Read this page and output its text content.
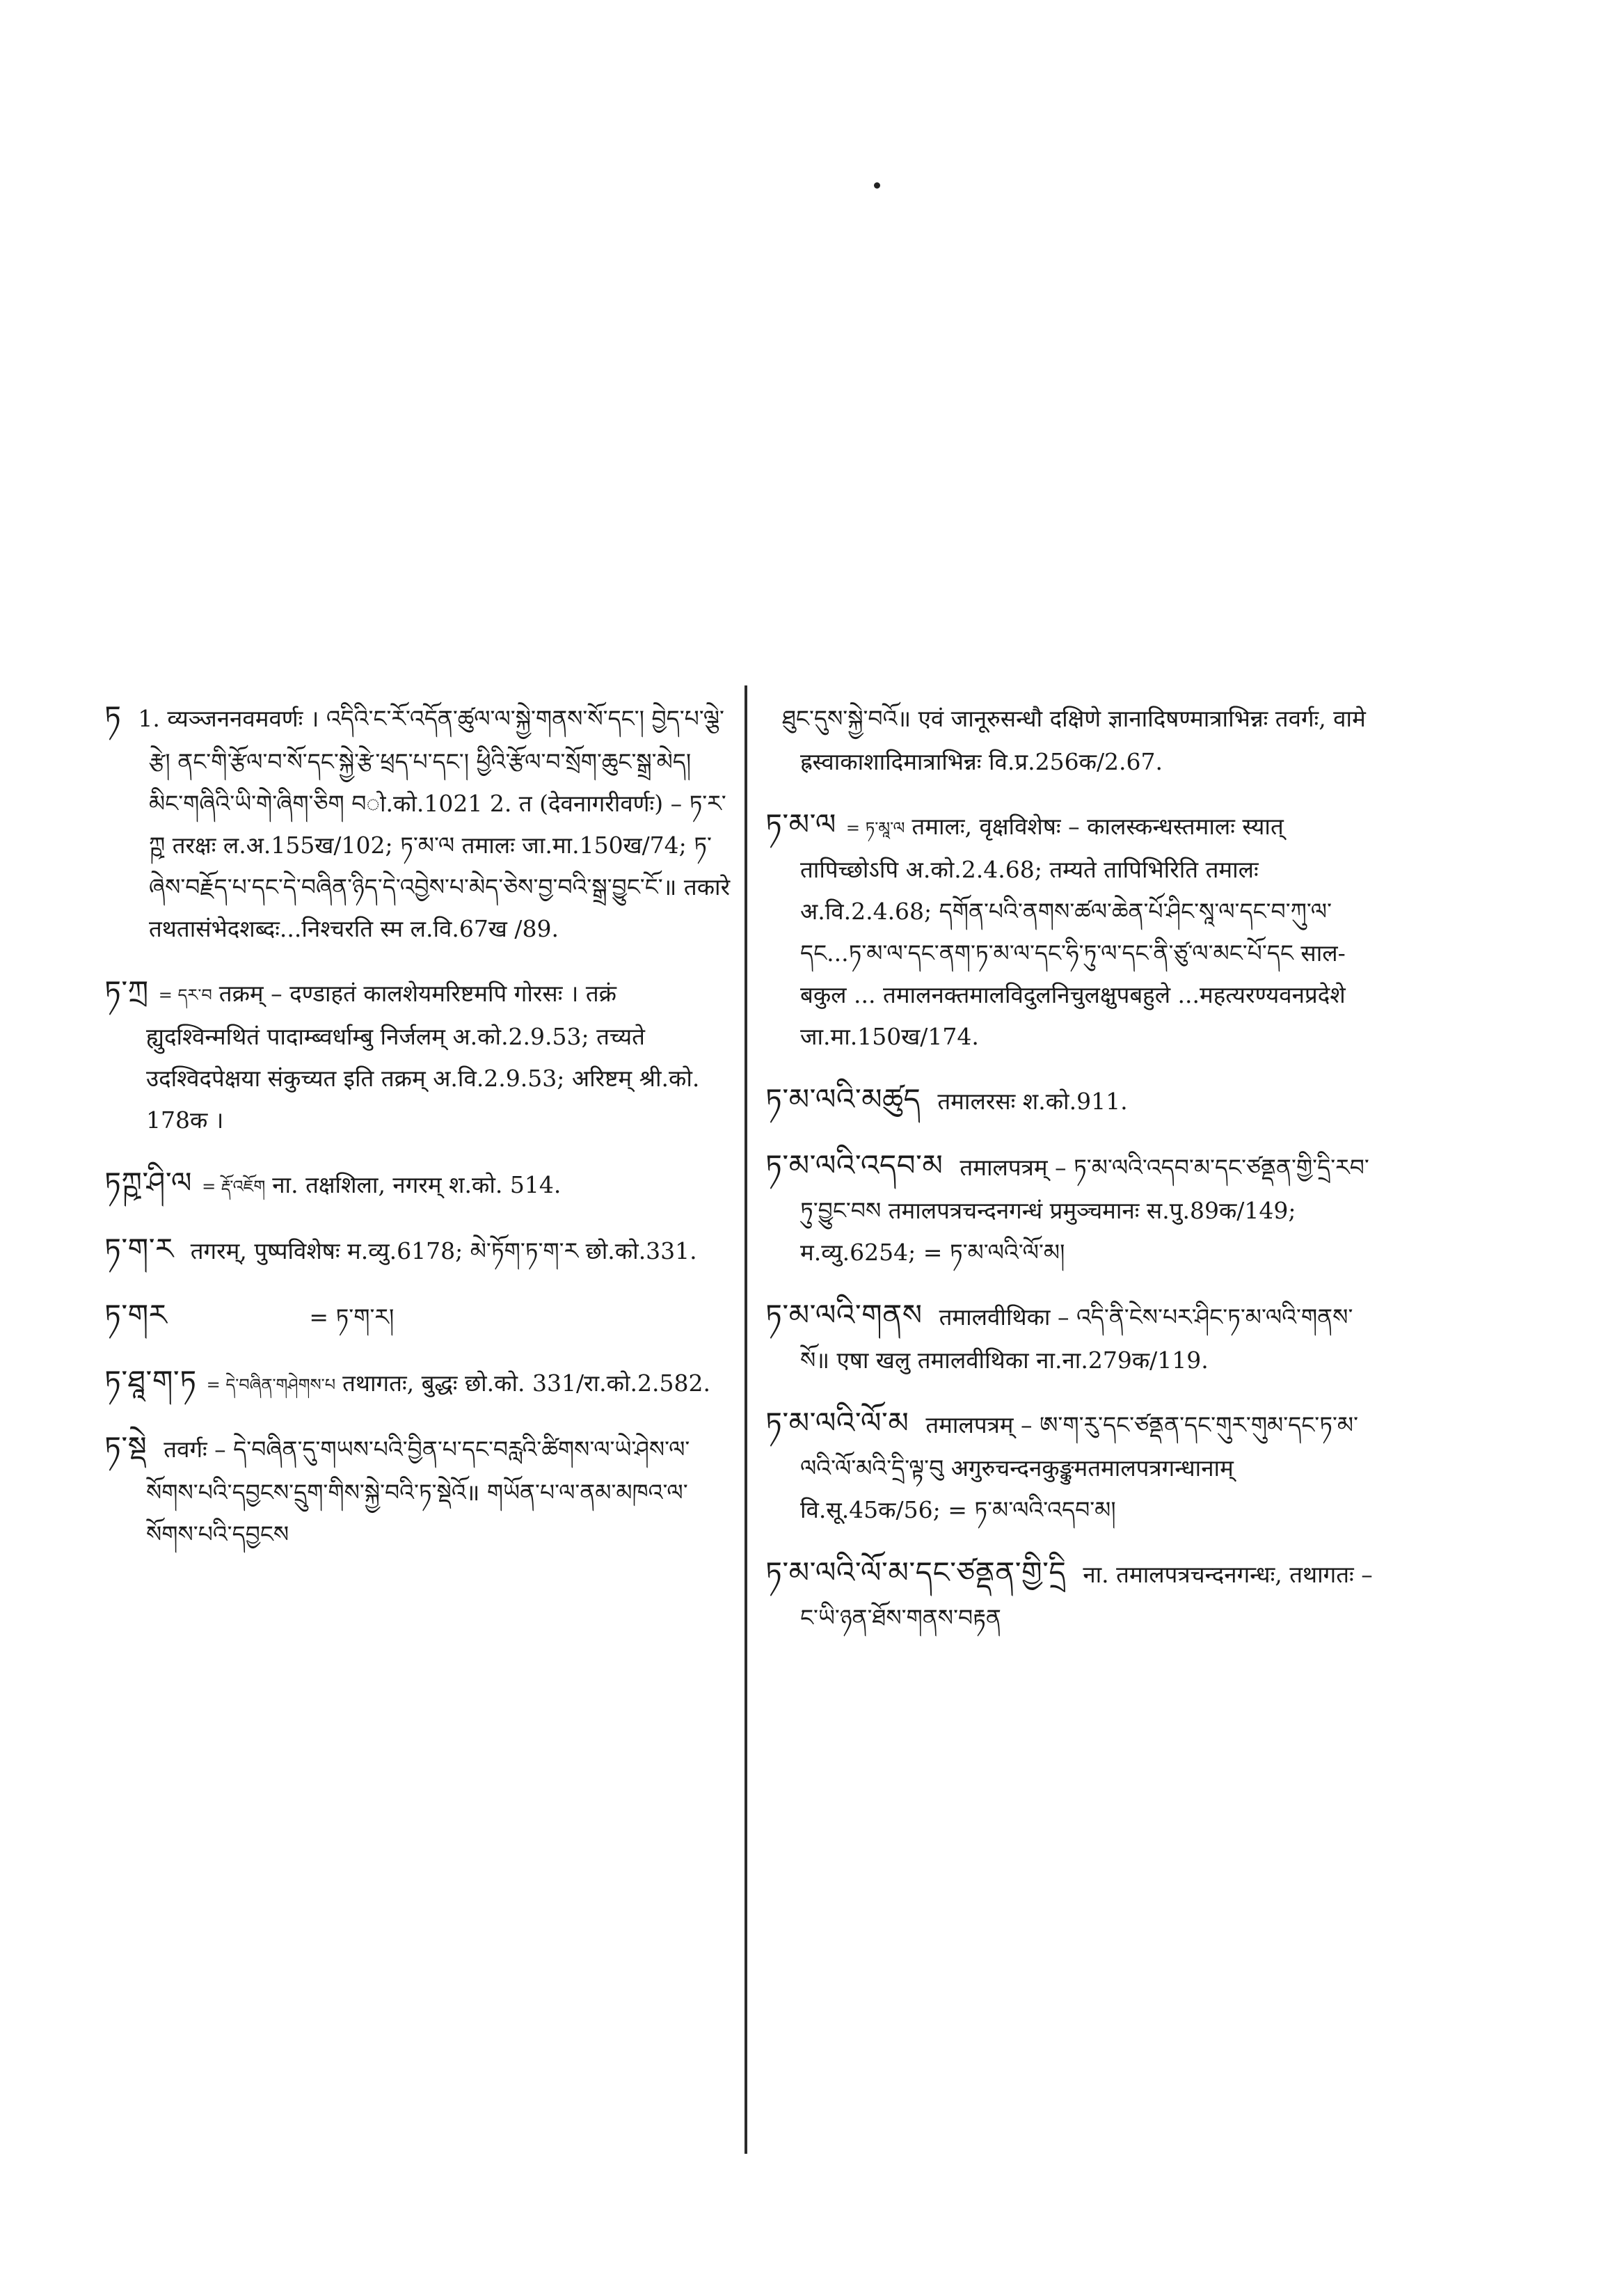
ཏ 1. व्यञ्जननवमवर्णः । འདིའི་ང་རོ་འདོན་ཚུལ་ལ་སྐྱེ་གནས་སོ་དང་། བྱེད་པ་ལྕེ་རྩེ། ནང་གི་རྩོལ་བ་སོ་དང་སྐྱེ་རྩེ་ཕྲད་པ་དང་། ཕྱིའི་རྩོལ་བ་སྲོག་ཆུང་སྒྲ་མེད། མིང་གཞིའི་ཡི་གེ་ཞིག་ཅིག བो.को.1021 2. त (देवनागरीवर्णः) – ཏ་ར་ཀྵ तरक्षः ल.अ.155ख/102; ཏ་མ་ལ तमालः जा.मा.150ख/74; ཏ་ཞེས་བརྗོད་པ་དང་དེ་བཞིན་ཉིད་དེ་འབྱེས་པ་མེད་ཅེས་བྱ་བའི་སྒྲ་བྱུང་ངོ་॥ तकारे तथतासंभेदशब्दः...निश्चरति स्म ल.वि.67ख /89.

ཏ་ཀྲ = དར་བ तक्रम् – दण्डाहतं कालशेयमरिष्टमपि गोरसः । तक्रं ह्युदश्विन्मथितं पादाम्ब्वर्धाम्बु निर्जलम् अ.को.2.9.53; तच्यते उदश्विदपेक्षया संकुच्यत इति तक्रम् अ.वि.2.9.53; अरिष्टम् श्री.को. 178क ।

ཏཀྵ་ཤི་ལ = རྡོ་འཇོག ना. तक्षशिला, नगरम् श.को. 514.

ཏ་ག་ར तगरम्, पुष्पविशेषः म.व्यु.6178; མེ་ཏོག་ཏ་ག་ར छो.को.331.

ཏ་གར	= ཏ་ག་ར།

ཏ་ཐཱ་ག་ཏ = དེ་བཞིན་གཤེགས་པ तथागतः, बुद्धः छो.को. 331/रा.को.2.582.

ཏ་སྡེ तवर्गः – དེ་བཞིན་དུ་གཡས་པའི་བྱིན་པ་དང་བརླའི་ཚིགས་ལ་ཡེ་ཤེས་ལ་སོགས་པའི་དབྱངས་དྲུག་གིས་སྐྱེ་བའི་ཏ་སྡེའོ॥ གཡོན་པ་ལ་ནམ་མཁའ་ལ་སོགས་པའི་དབྱངས

ཐུང་དུས་སྐྱེ་བའོ॥ एवं जानूरुसन्धौ दक्षिणे ज्ञानादिषण्मात्राभिन्नः तवर्गः, वामे ह्रस्वाकाशादिमात्राभिन्नः वि.प्र.256क/2.67.

ཏ་མ་ལ = ཏ་མཱ་ལ तमालः, वृक्षविशेषः – कालस्कन्धस्तमालः स्यात् तापिच्छोऽपि अ.को.2.4.68; तम्यते तापिभिरिति तमालः अ.वि.2.4.68; དགོན་པའི་ནགས་ཚལ་ཆེན་པོ་ཤིང་སཱ་ལ་དང་བ་ཀུ་ལ་དང...ཏ་མ་ལ་དང་ནག་ཏ་མ་ལ་དང་ཧི་ཏུ་ལ་དང་ནི་ཙུ་ལ་མང་པོ་དང सालबकुल ... तमालनक्तमालविदुलनिचुलक्षुपबहुले ...महत्यरण्यवनप्रदेशे जा.मा.150ख/174.

ཏ་མ་ལའི་མཚུད तमालरसः श.को.911.

ཏ་མ་ལའི་འདབ་མ तमालपत्रम् – ཏ་མ་ལའི་འདབ་མ་དང་ཙནྡན་གྱི་དྲི་རབ་ཏུ་བྱུང་བས तमालपत्रचन्दनगन्धं प्रमुञ्चमानः स.पु.89क/149; म.व्यु.6254; = ཏ་མ་ལའི་ལོ་མ།

ཏ་མ་ལའི་གནས तमालवीथिका – འདི་ནི་ངེས་པར་ཤིང་ཏ་མ་ལའི་གནས་སོ॥ एषा खलु तमालवीथिका ना.ना.279क/119.

ཏ་མ་ལའི་ལོ་མ तमालपत्रम् – ཨ་ག་རུ་དང་ཙནྡན་དང་གུར་གུམ་དང་ཏ་མ་ལའི་ལོ་མའི་དྲི་ལྟ་བུ अगुरुचन्दनकुङ्कुमतमालपत्रगन्धानाम् वि.सू.45क/56; = ཏ་མ་ལའི་འདབ་མ།

ཏ་མ་ལའི་ལོ་མ་དང་ཙནྡན་གྱི་དྲི ना. तमालपत्रचन्दनगन्धः, तथागतः – ང་ཡི་ཉན་ཐོས་གནས་བརྟན
